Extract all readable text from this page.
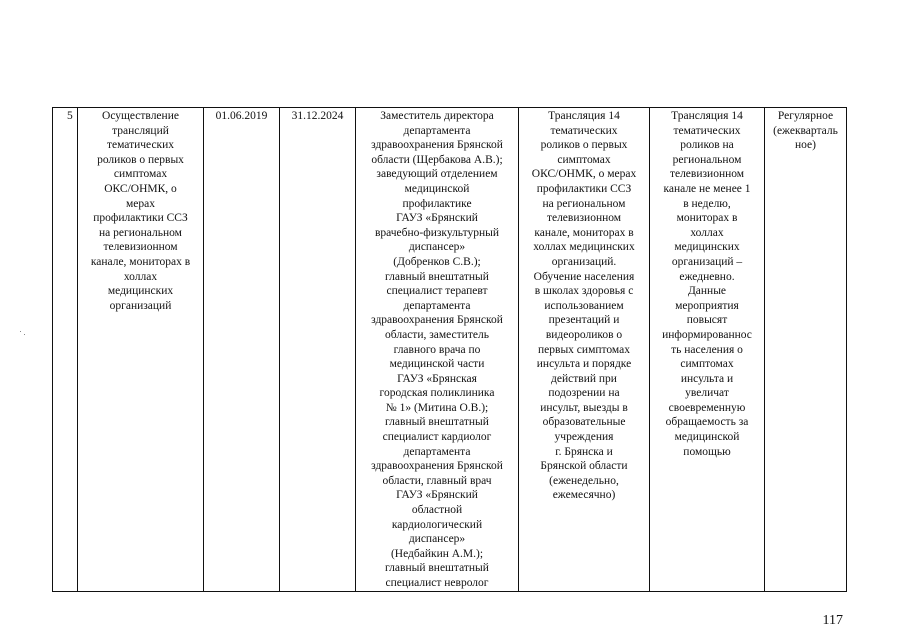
5	Осуществление
трансляций
тематических
роликов о первых
симптомах
ОКС/ОНМК, о
мерах
профилактики ССЗ
на региональном
телевизионном
канале, мониторах в
холлах
медицинских
организаций	01.06.2019	31.12.2024	Заместитель директора
департамента
здравоохранения Брянской
области (Щербакова А.В.);
заведующий отделением
медицинской
профилактике
ГАУЗ «Брянский
врачебно-физкультурный
диспансер»
(Добренков С.В.);
главный внештатный
специалист терапевт
департамента
здравоохранения Брянской
области, заместитель
главного врача по
медицинской части
ГАУЗ «Брянская
городская поликлиника
№ 1» (Митина О.В.);
главный внештатный
специалист кардиолог
департамента
здравоохранения Брянской
области, главный врач
ГАУЗ «Брянский
областной
кардиологический
диспансер»
(Недбайкин А.М.);
главный внештатный
специалист невролог	Трансляция 14
тематических
роликов о первых
симптомах
ОКС/ОНМК, о мерах
профилактики ССЗ
на региональном
телевизионном
канале, мониторах в
холлах медицинских
организаций.
Обучение населения
в школах здоровья с
использованием
презентаций и
видеороликов о
первых симптомах
инсульта и порядке
действий при
подозрении на
инсульт, выезды в
образовательные
учреждения
г. Брянска и
Брянской области
(еженедельно,
ежемесячно)	Трансляция 14
тематических
роликов на
региональном
телевизионном
канале не менее 1
в неделю,
мониторах в
холлах
медицинских
организаций –
ежедневно.
Данные
мероприятия
повысят
информированнос
ть населения о
симптомах
инсульта и
увеличат
своевременную
обращаемость за
медицинской
помощью	Регулярное
(ежекварталь
ное)
117
